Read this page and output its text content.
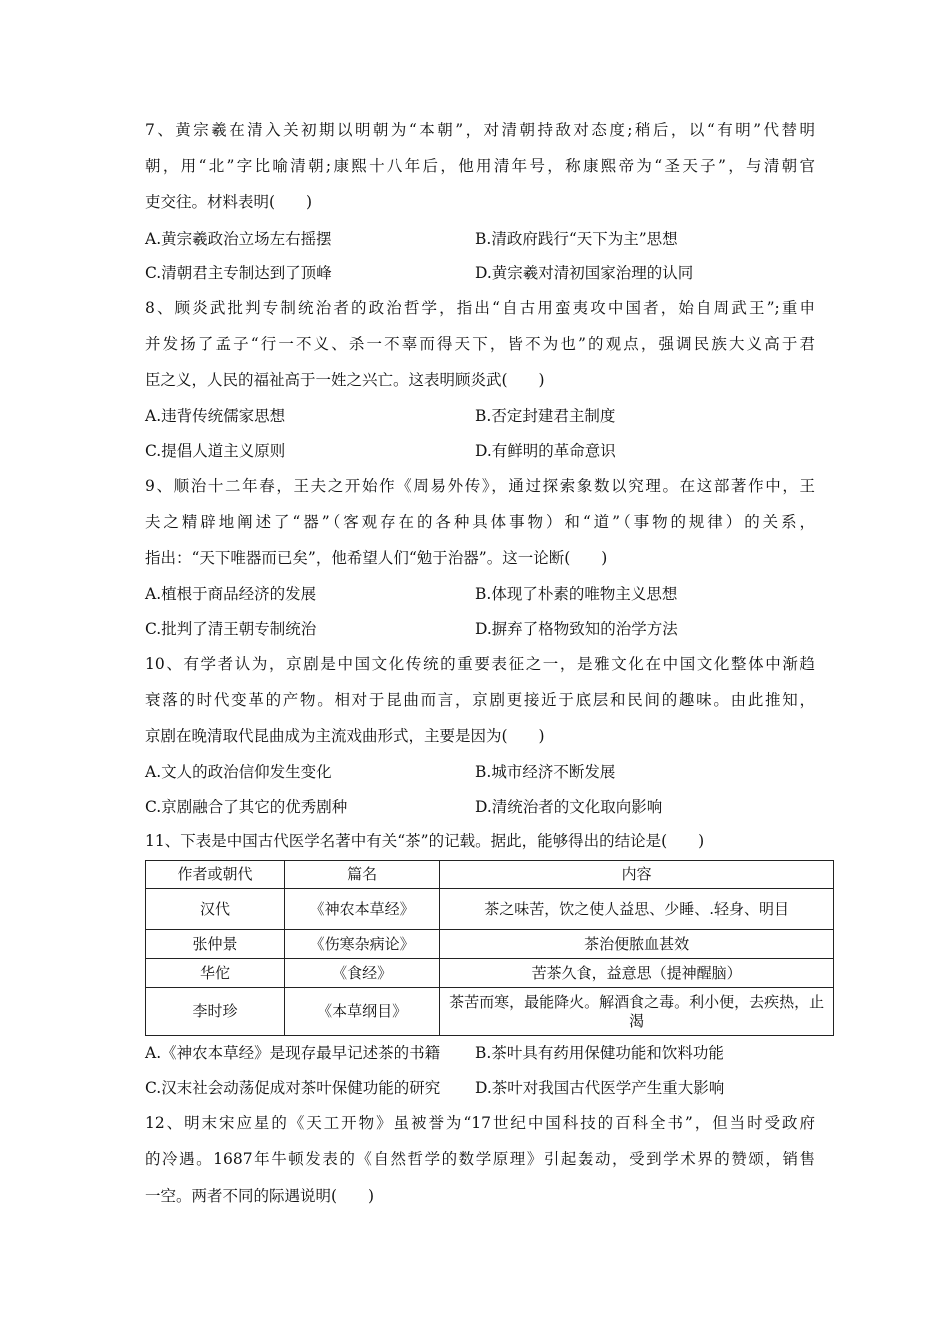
7、黄宗羲在清入关初期以明朝为“本朝”，对清朝持敌对态度;稍后，以“有明”代替明
朝，用“北”字比喻清朝;康熙十八年后，他用清年号，称康熙帝为“圣天子”，与清朝官
吏交往。材料表明(　　)
A.黄宗羲政治立场左右摇摆	B.清政府践行“天下为主”思想
C.清朝君主专制达到了顶峰	D.黄宗羲对清初国家治理的认同
8、顾炎武批判专制统治者的政治哲学，指出“自古用蛮夷攻中国者，始自周武王”;重申
并发扬了孟子“行一不义、杀一不辜而得天下，皆不为也”的观点，强调民族大义高于君
臣之义，人民的福祉高于一姓之兴亡。这表明顾炎武(　　)
A.违背传统儒家思想	B.否定封建君主制度
C.提倡人道主义原则	D.有鲜明的革命意识
9、顺治十二年春，王夫之开始作《周易外传》，通过探索象数以究理。在这部著作中，王
夫之精辟地阐述了“器”（客观存在的各种具体事物）和“道”（事物的规律）的关系，
指出：“天下唯器而已矣”，他希望人们“勉于治器”。这一论断(　　)
A.植根于商品经济的发展	B.体现了朴素的唯物主义思想
C.批判了清王朝专制统治	D.摒弃了格物致知的治学方法
10、有学者认为，京剧是中国文化传统的重要表征之一，是雅文化在中国文化整体中渐趋
衰落的时代变革的产物。相对于昆曲而言，京剧更接近于底层和民间的趣味。由此推知，
京剧在晚清取代昆曲成为主流戏曲形式，主要是因为(　　)
A.文人的政治信仰发生变化	B.城市经济不断发展
C.京剧融合了其它的优秀剧种	D.清统治者的文化取向影响
11、下表是中国古代医学名著中有关“茶”的记载。据此，能够得出的结论是(　　)
作者或朝代	篇名	内容
汉代	《神农本草经》	茶之味苦，饮之使人益思、少睡、.轻身、明目
张仲景	《伤寒杂病论》	茶治便脓血甚效
华佗	《食经》	苦茶久食，益意思（提神醒脑）
李时珍	《本草纲目》	茶苦而寒，最能降火。解酒食之毒。利小便，去疾热，止渴
A.《神农本草经》是现存最早记述茶的书籍 B.茶叶具有药用保健功能和饮料功能
C.汉末社会动荡促成对茶叶保健功能的研究 D.茶叶对我国古代医学产生重大影响
12、明末宋应星的《天工开物》虽被誉为“17世纪中国科技的百科全书”，但当时受政府
的冷遇。1687年牛顿发表的《自然哲学的数学原理》引起轰动，受到学术界的赞颂，销售
一空。两者不同的际遇说明(　　)
